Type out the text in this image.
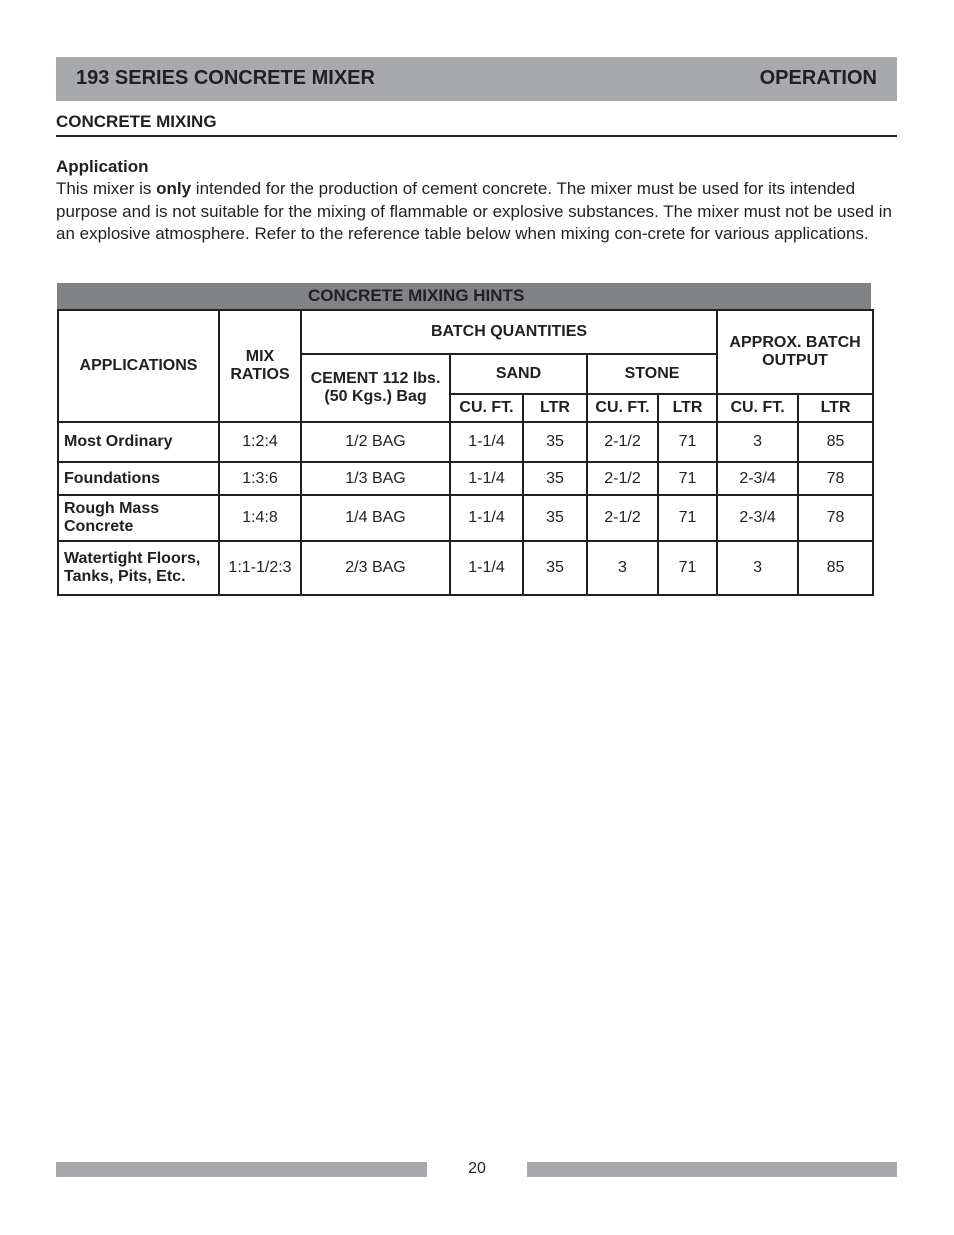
193 SERIES CONCRETE MIXER	OPERATION
CONCRETE MIXING
Application
This mixer is only intended for the production of cement concrete. The mixer must be used for its intended purpose and is not suitable for the mixing of flammable or explosive substances. The mixer must not be used in an explosive atmosphere. Refer to the reference table below when mixing con-crete for various applications.
CONCRETE MIXING HINTS
APPLICATIONS	MIX RATIOS	BATCH QUANTITIES					APPROX. BATCH OUTPUT	
		CEMENT 112 lbs. (50 Kgs.) Bag	SAND		STONE			
			CU. FT.	LTR	CU. FT.	LTR	CU. FT.	LTR
Most Ordinary	1:2:4	1/2 BAG	1-1/4	35	2-1/2	71	3	85
Foundations	1:3:6	1/3 BAG	1-1/4	35	2-1/2	71	2-3/4	78
Rough Mass Concrete	1:4:8	1/4 BAG	1-1/4	35	2-1/2	71	2-3/4	78
Watertight Floors, Tanks, Pits, Etc.	1:1-1/2:3	2/3 BAG	1-1/4	35	3	71	3	85
20
